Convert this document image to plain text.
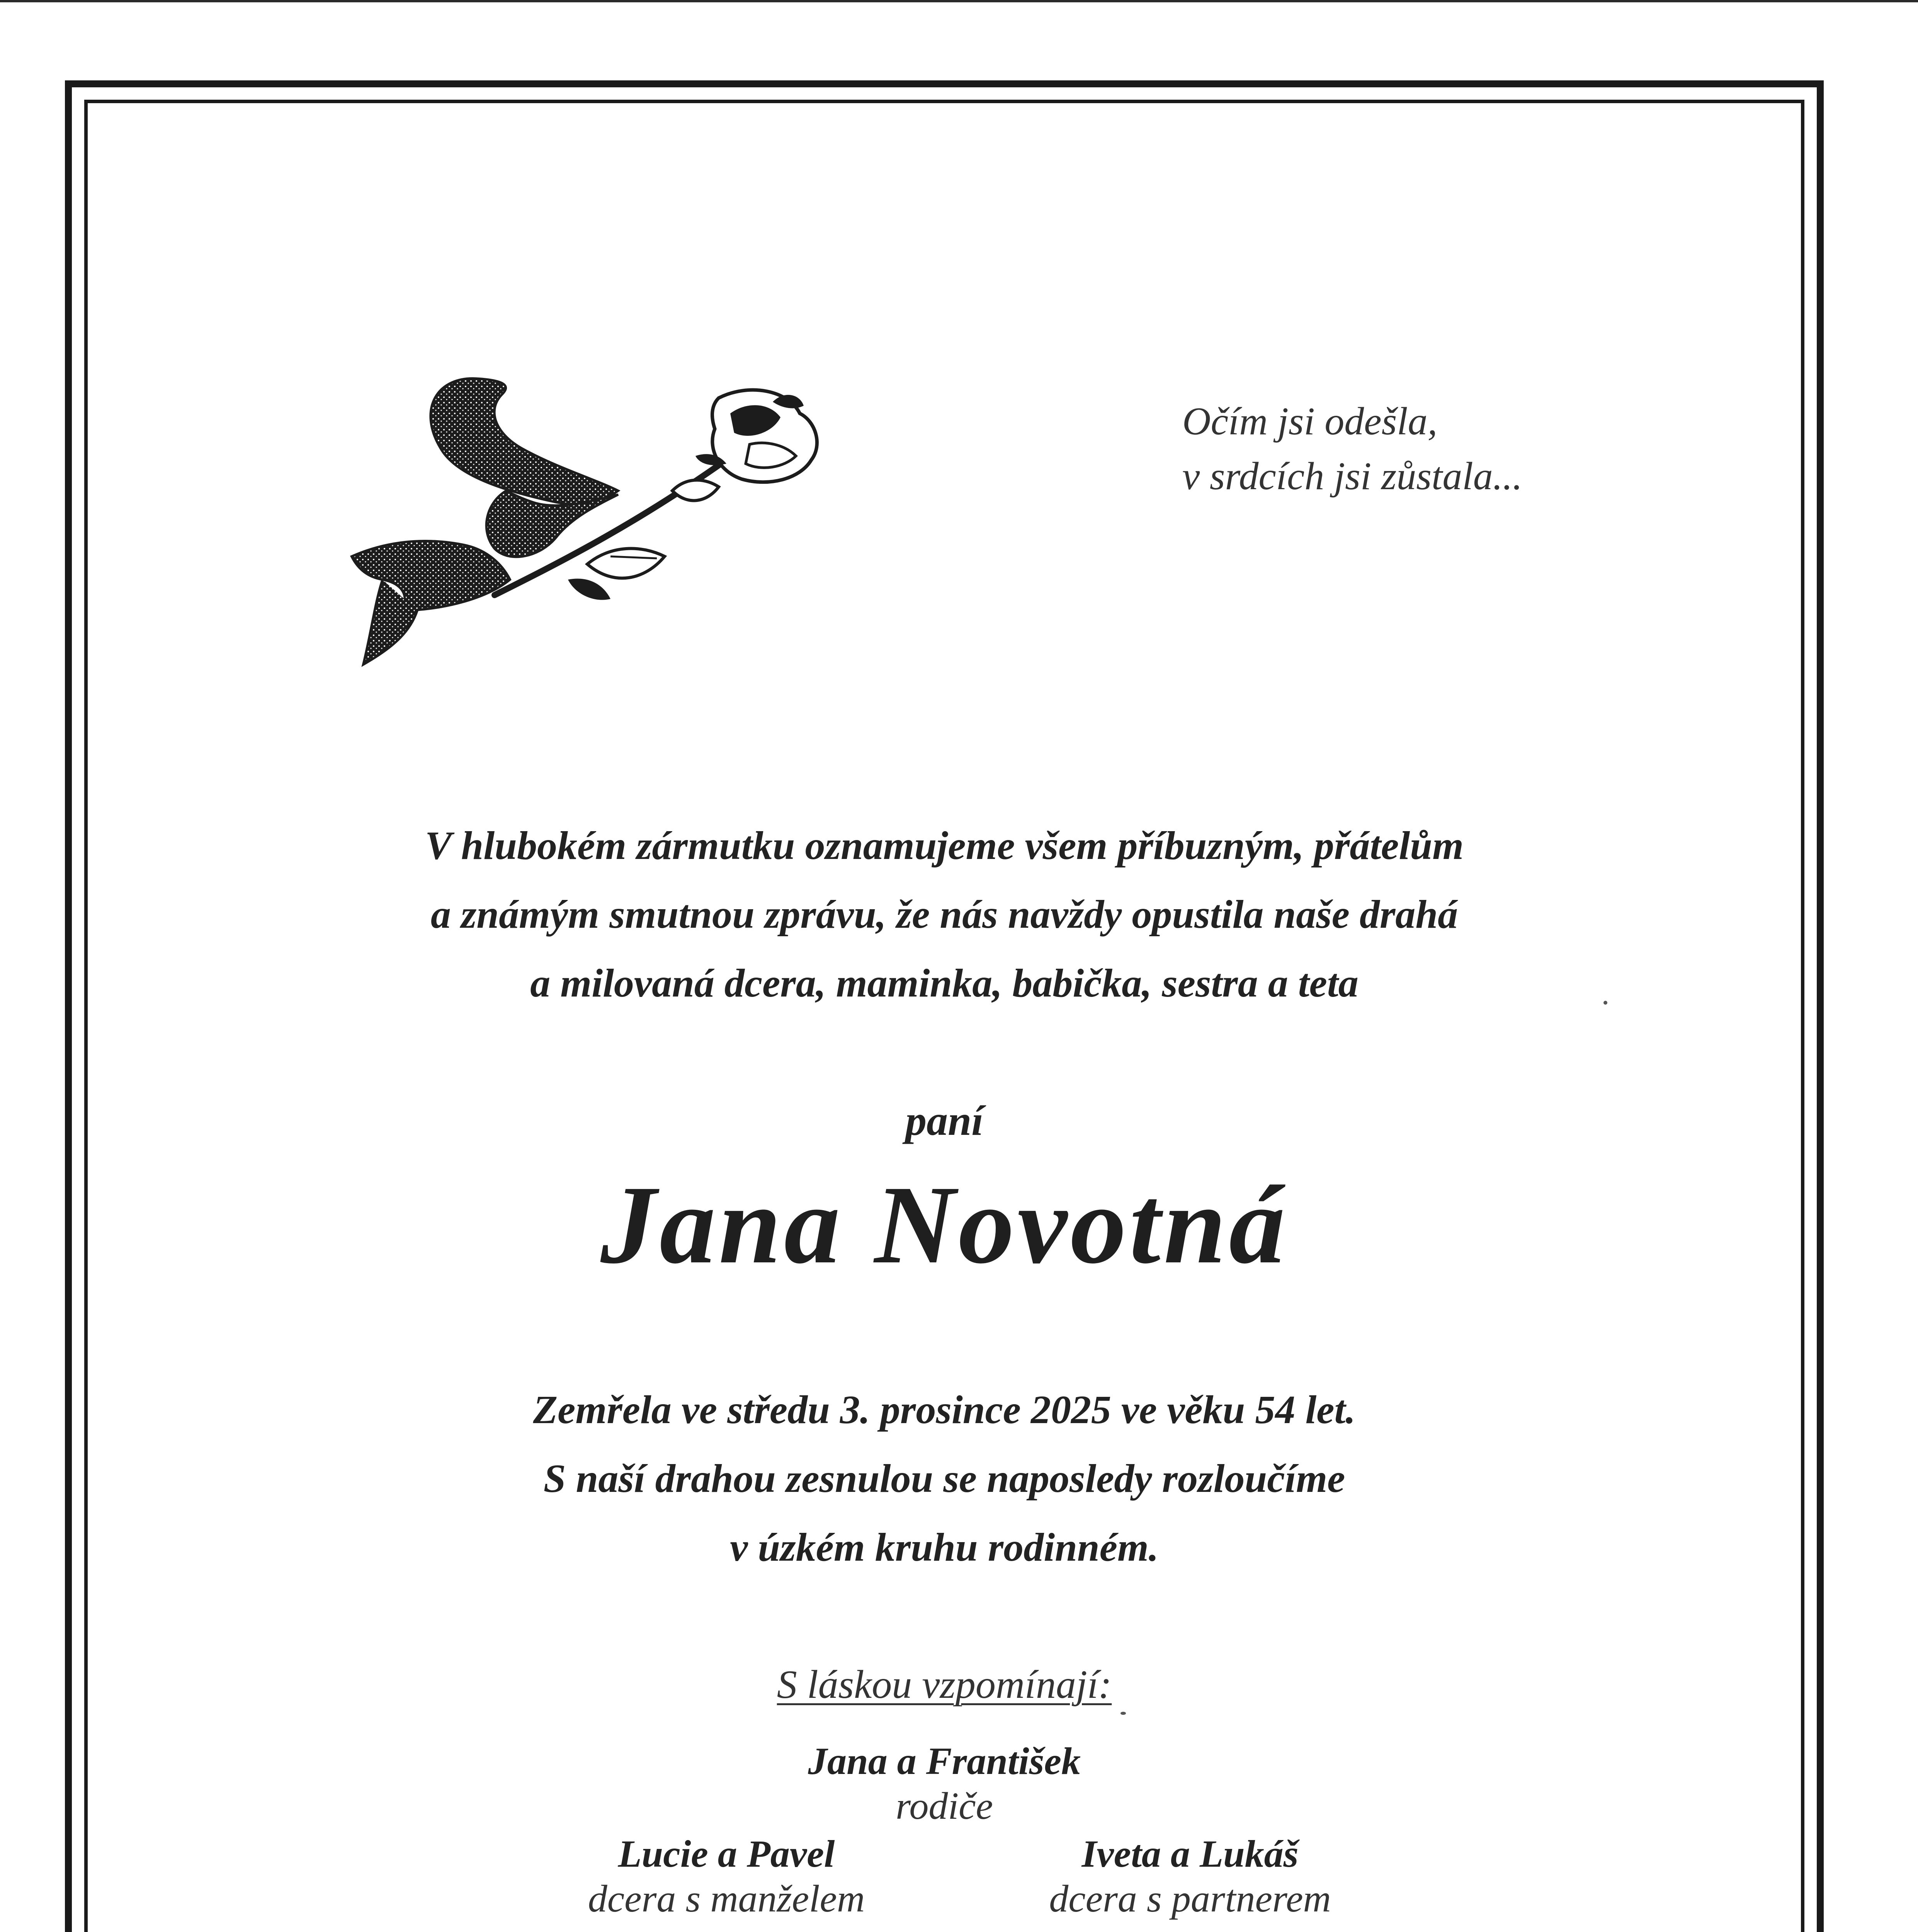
Očím jsi odešla,
v srdcích jsi zůstala...
V hlubokém zármutku oznamujeme všem příbuzným, přátelům
a známým smutnou zprávu, že nás navždy opustila naše drahá
a milovaná dcera, maminka, babička, sestra a teta
paní
Jana Novotná
Zemřela ve středu 3. prosince 2025 ve věku 54 let.
S naší drahou zesnulou se naposledy rozloučíme
v úzkém kruhu rodinném.
S láskou vzpomínají:
Jana a František
rodiče
Lucie a Pavel
dcera s manželem
Iveta a Lukáš
dcera s partnerem
